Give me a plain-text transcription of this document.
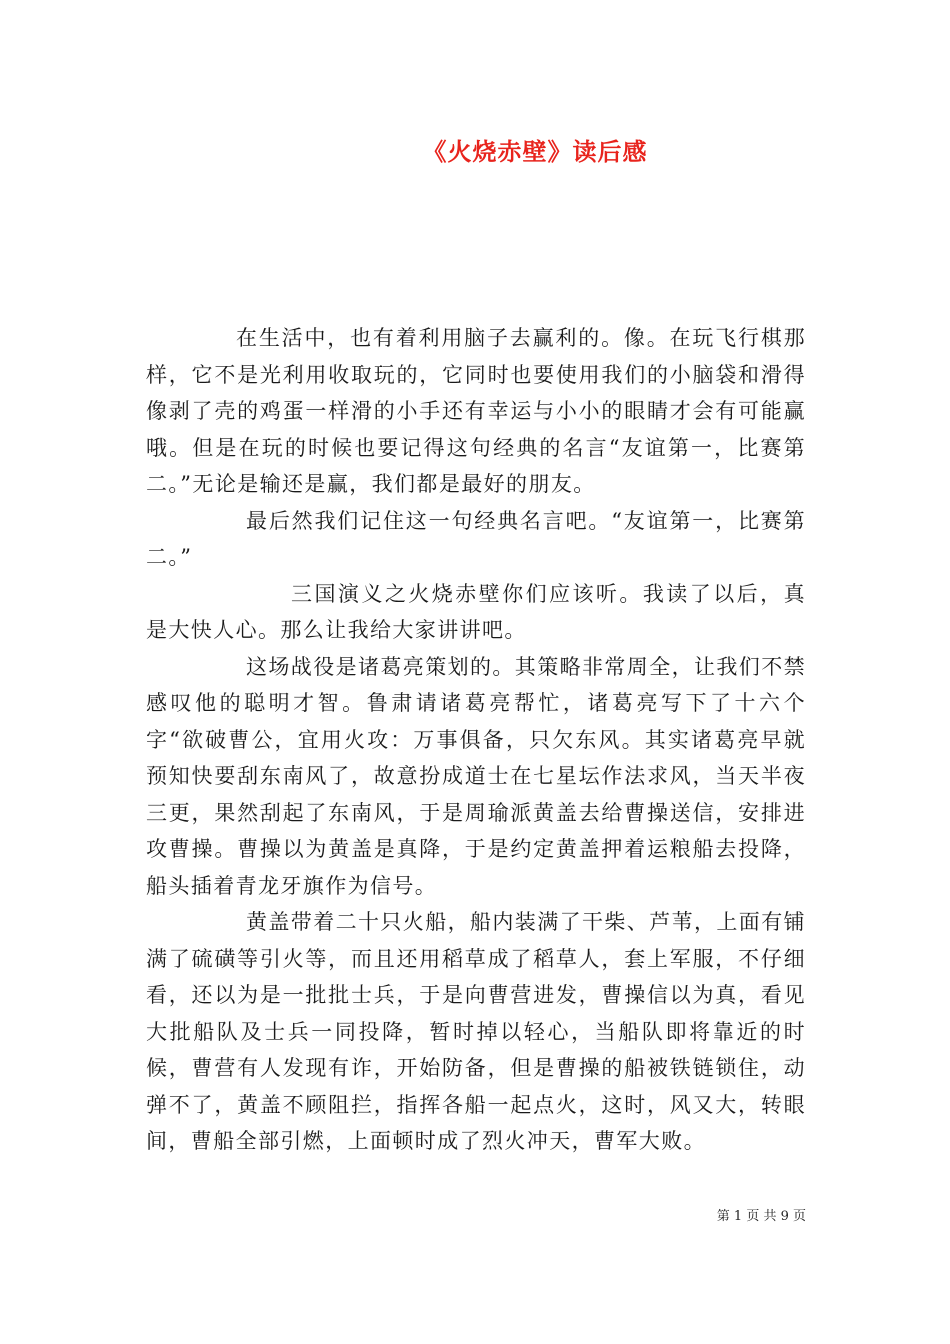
《火烧赤壁》读后感

在生活中，也有着利用脑子去赢利的。像。在玩飞行棋那样，它不是光利用收取玩的，它同时也要使用我们的小脑袋和滑得像剥了壳的鸡蛋一样滑的小手还有幸运与小小的眼睛才会有可能赢哦。但是在玩的时候也要记得这句经典的名言“友谊第一，比赛第二。”无论是输还是赢，我们都是最好的朋友。

最后然我们记住这一句经典名言吧。“友谊第一，比赛第二。”

三国演义之火烧赤壁你们应该听。我读了以后，真是大快人心。那么让我给大家讲讲吧。

这场战役是诸葛亮策划的。其策略非常周全，让我们不禁感叹他的聪明才智。鲁肃请诸葛亮帮忙，诸葛亮写下了十六个字“欲破曹公，宜用火攻：万事俱备，只欠东风。其实诸葛亮早就预知快要刮东南风了，故意扮成道士在七星坛作法求风，当天半夜三更，果然刮起了东南风，于是周瑜派黄盖去给曹操送信，安排进攻曹操。曹操以为黄盖是真降，于是约定黄盖押着运粮船去投降，船头插着青龙牙旗作为信号。

黄盖带着二十只火船，船内装满了干柴、芦苇，上面有铺满了硫磺等引火等，而且还用稻草成了稻草人，套上军服，不仔细看，还以为是一批批士兵，于是向曹营进发，曹操信以为真，看见大批船队及士兵一同投降，暂时掉以轻心，当船队即将靠近的时候，曹营有人发现有诈，开始防备，但是曹操的船被铁链锁住，动弹不了，黄盖不顾阻拦，指挥各船一起点火，这时，风又大，转眼间，曹船全部引燃，上面顿时成了烈火冲天，曹军大败。

第 1 页 共 9 页
